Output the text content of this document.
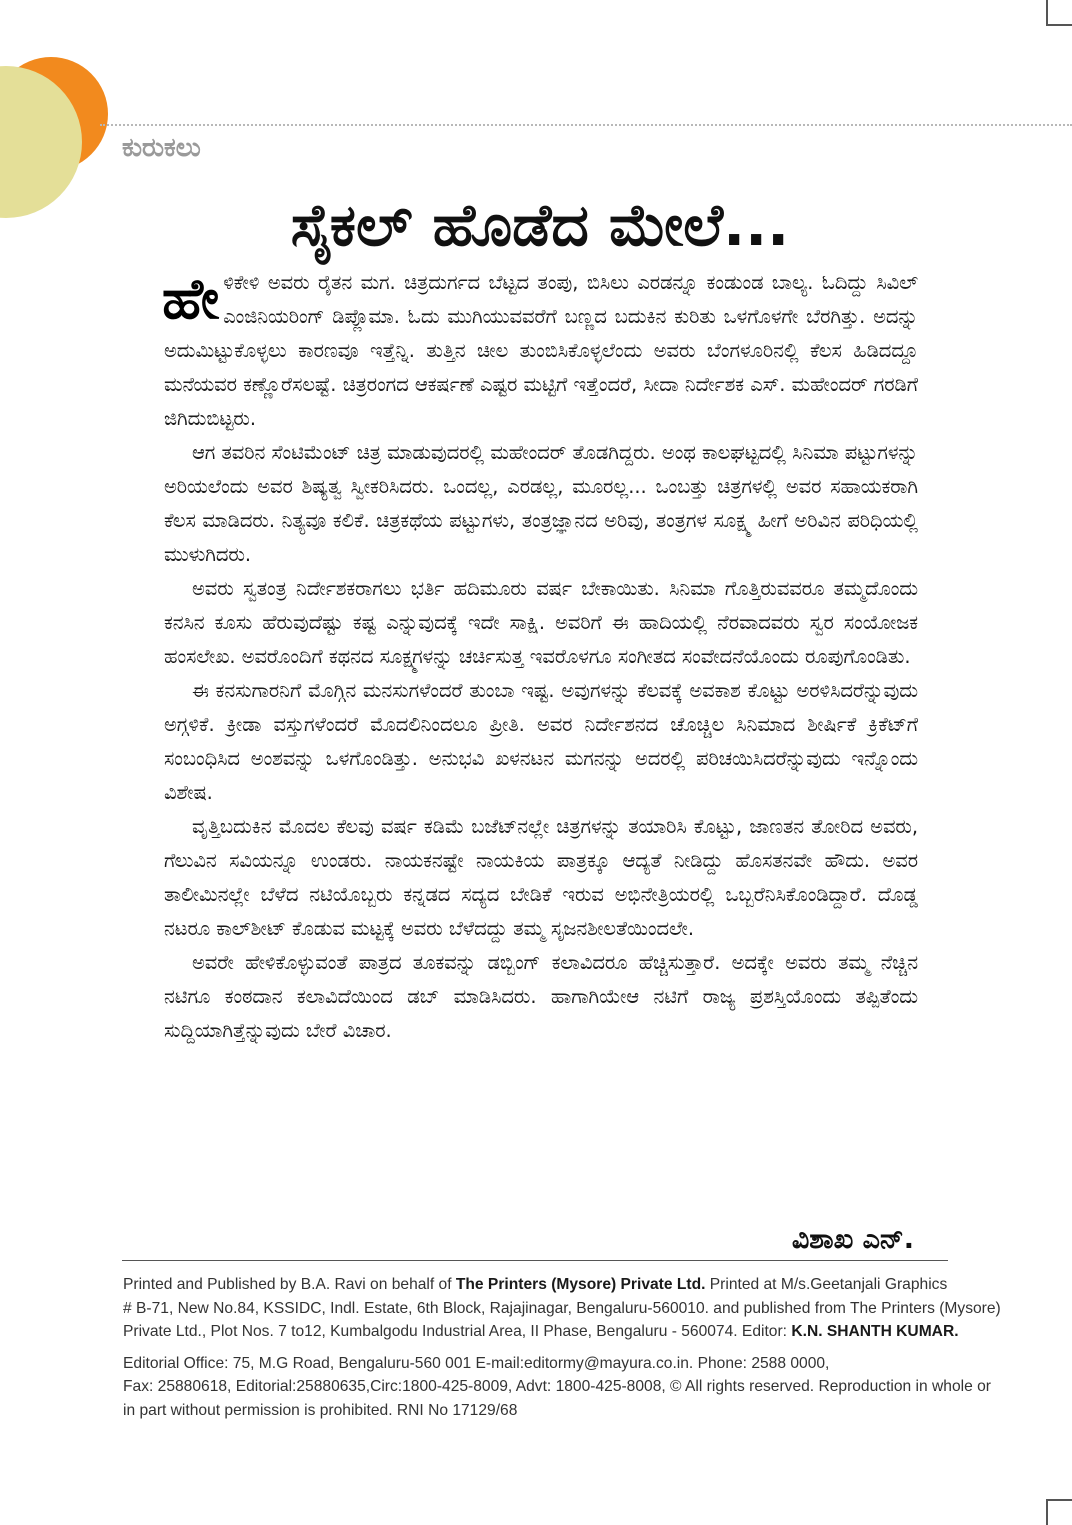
ಕುರುಕಲು
ಸೈಕಲ್ ಹೊಡೆದ ಮೇಲೆ...

ಹೇಳಿಕೇಳಿ ಅವರು ರೈತನ ಮಗ. ಚಿತ್ರದುರ್ಗದ ಬೆಟ್ಟದ ತಂಪು, ಬಿಸಿಲು ಎರಡನ್ನೂ ಕಂಡುಂಡ ಬಾಲ್ಯ. ಓದಿದ್ದು ಸಿವಿಲ್ ಎಂಜಿನಿಯರಿಂಗ್ ಡಿಪ್ಲೊಮಾ. ಓದು ಮುಗಿಯುವವರೆಗೆ ಬಣ್ಣದ ಬದುಕಿನ ಕುರಿತು ಒಳಗೊಳಗೇ ಬೆರಗಿತ್ತು. ಅದನ್ನು ಅದುಮಿಟ್ಟುಕೊಳ್ಳಲು ಕಾರಣವೂ ಇತ್ತೆನ್ನಿ. ತುತ್ತಿನ ಚೀಲ ತುಂಬಿಸಿಕೊಳ್ಳಲೆಂದು ಅವರು ಬೆಂಗಳೂರಿನಲ್ಲಿ ಕೆಲಸ ಹಿಡಿದದ್ದೂ ಮನೆಯವರ ಕಣ್ಣೊರೆಸಲಷ್ಟೆ. ಚಿತ್ರರಂಗದ ಆಕರ್ಷಣೆ ಎಷ್ಟರ ಮಟ್ಟಿಗೆ ಇತ್ತೆಂದರೆ, ಸೀದಾ ನಿರ್ದೇಶಕ ಎಸ್. ಮಹೇಂದರ್ ಗರಡಿಗೆ ಜಿಗಿದುಬಿಟ್ಟರು.

ಆಗ ತವರಿನ ಸೆಂಟಿಮೆಂಟ್ ಚಿತ್ರ ಮಾಡುವುದರಲ್ಲಿ ಮಹೇಂದರ್ ತೊಡಗಿದ್ದರು. ಅಂಥ ಕಾಲಘಟ್ಟದಲ್ಲಿ ಸಿನಿಮಾ ಪಟ್ಟುಗಳನ್ನು ಅರಿಯಲೆಂದು ಅವರ ಶಿಷ್ಯತ್ವ ಸ್ವೀಕರಿಸಿದರು. ಒಂದಲ್ಲ, ಎರಡಲ್ಲ, ಮೂರಲ್ಲ... ಒಂಬತ್ತು ಚಿತ್ರಗಳಲ್ಲಿ ಅವರ ಸಹಾಯಕರಾಗಿ ಕೆಲಸ ಮಾಡಿದರು. ನಿತ್ಯವೂ ಕಲಿಕೆ. ಚಿತ್ರಕಥೆಯ ಪಟ್ಟುಗಳು, ತಂತ್ರಜ್ಞಾನದ ಅರಿವು, ತಂತ್ರಗಳ ಸೂಕ್ಷ್ಮ ಹೀಗೆ ಅರಿವಿನ ಪರಿಧಿಯಲ್ಲಿ ಮುಳುಗಿದರು.

ಅವರು ಸ್ವತಂತ್ರ ನಿರ್ದೇಶಕರಾಗಲು ಭರ್ತಿ ಹದಿಮೂರು ವರ್ಷ ಬೇಕಾಯಿತು. ಸಿನಿಮಾ ಗೊತ್ತಿರುವವರೂ ತಮ್ಮದೊಂದು ಕನಸಿನ ಕೂಸು ಹೆರುವುದೆಷ್ಟು ಕಷ್ಟ ಎನ್ನುವುದಕ್ಕೆ ಇದೇ ಸಾಕ್ಷಿ. ಅವರಿಗೆ ಈ ಹಾದಿಯಲ್ಲಿ ನೆರವಾದವರು ಸ್ವರ ಸಂಯೋಜಕ ಹಂಸಲೇಖ. ಅವರೊಂದಿಗೆ ಕಥನದ ಸೂಕ್ಷ್ಮಗಳನ್ನು ಚರ್ಚಿಸುತ್ತ ಇವರೊಳಗೂ ಸಂಗೀತದ ಸಂವೇದನೆಯೊಂದು ರೂಪುಗೊಂಡಿತು.

ಈ ಕನಸುಗಾರನಿಗೆ ಮೊಗ್ಗಿನ ಮನಸುಗಳೆಂದರೆ ತುಂಬಾ ಇಷ್ಟ. ಅವುಗಳನ್ನು ಕೆಲವಕ್ಕೆ ಅವಕಾಶ ಕೊಟ್ಟು ಅರಳಿಸಿದರೆನ್ನುವುದು ಅಗ್ಗಳಿಕೆ. ಕ್ರೀಡಾ ವಸ್ತುಗಳೆಂದರೆ ಮೊದಲಿನಿಂದಲೂ ಪ್ರೀತಿ. ಅವರ ನಿರ್ದೇಶನದ ಚೊಚ್ಚಿಲ ಸಿನಿಮಾದ ಶೀರ್ಷಿಕೆ ಕ್ರಿಕೆಟ್‌ಗೆ ಸಂಬಂಧಿಸಿದ ಅಂಶವನ್ನು ಒಳಗೊಂಡಿತ್ತು. ಅನುಭವಿ ಖಳನಟನ ಮಗನನ್ನು ಅದರಲ್ಲಿ ಪರಿಚಯಿಸಿದರೆನ್ನುವುದು ಇನ್ನೊಂದು ವಿಶೇಷ.

ವೃತ್ತಿಬದುಕಿನ ಮೊದಲ ಕೆಲವು ವರ್ಷ ಕಡಿಮೆ ಬಜೆಟ್‌ನಲ್ಲೇ ಚಿತ್ರಗಳನ್ನು ತಯಾರಿಸಿ ಕೊಟ್ಟು, ಜಾಣತನ ತೋರಿದ ಅವರು, ಗೆಲುವಿನ ಸವಿಯನ್ನೂ ಉಂಡರು. ನಾಯಕನಷ್ಟೇ ನಾಯಕಿಯ ಪಾತ್ರಕ್ಕೂ ಆದ್ಯತೆ ನೀಡಿದ್ದು ಹೊಸತನವೇ ಹೌದು. ಅವರ ತಾಲೀಮಿನಲ್ಲೇ ಬೆಳೆದ ನಟಿಯೊಬ್ಬರು ಕನ್ನಡದ ಸದ್ಯದ ಬೇಡಿಕೆ ಇರುವ ಅಭಿನೇತ್ರಿಯರಲ್ಲಿ ಒಬ್ಬರೆನಿಸಿಕೊಂಡಿದ್ದಾರೆ. ದೊಡ್ಡ ನಟರೂ ಕಾಲ್‌ಶೀಟ್ ಕೊಡುವ ಮಟ್ಟಕ್ಕೆ ಅವರು ಬೆಳೆದದ್ದು ತಮ್ಮ ಸೃಜನಶೀಲತೆಯಿಂದಲೇ.

ಅವರೇ ಹೇಳಿಕೊಳ್ಳುವಂತೆ ಪಾತ್ರದ ತೂಕವನ್ನು ಡಬ್ಬಿಂಗ್ ಕಲಾವಿದರೂ ಹೆಚ್ಚಿಸುತ್ತಾರೆ. ಅದಕ್ಕೇ ಅವರು ತಮ್ಮ ನೆಚ್ಚಿನ ನಟಿಗೂ ಕಂಠದಾನ ಕಲಾವಿದೆಯಿಂದ ಡಬ್ ಮಾಡಿಸಿದರು. ಹಾಗಾಗಿಯೇಆ ನಟಿಗೆ ರಾಜ್ಯ ಪ್ರಶಸ್ತಿಯೊಂದು ತಪ್ಪಿತೆಂದು ಸುದ್ದಿಯಾಗಿತ್ತೆನ್ನುವುದು ಬೇರೆ ವಿಚಾರ.

ವಿಶಾಖ ಎನ್.
Printed and Published by B.A. Ravi on behalf of The Printers (Mysore) Private Ltd. Printed at M/s.Geetanjali Graphics
# B-71, New No.84, KSSIDC, Indl. Estate, 6th Block, Rajajinagar, Bengaluru-560010. and published from The Printers (Mysore)
Private Ltd., Plot Nos. 7 to12, Kumbalgodu Industrial Area, II Phase, Bengaluru - 560074. Editor: K.N. SHANTH KUMAR.
Editorial Office: 75, M.G Road, Bengaluru-560 001 E-mail:editormy@mayura.co.in. Phone: 2588 0000,
Fax: 25880618, Editorial:25880635,Circ:1800-425-8009, Advt: 1800-425-8008, © All rights reserved. Reproduction in whole or
in part without permission is prohibited. RNI No 17129/68
